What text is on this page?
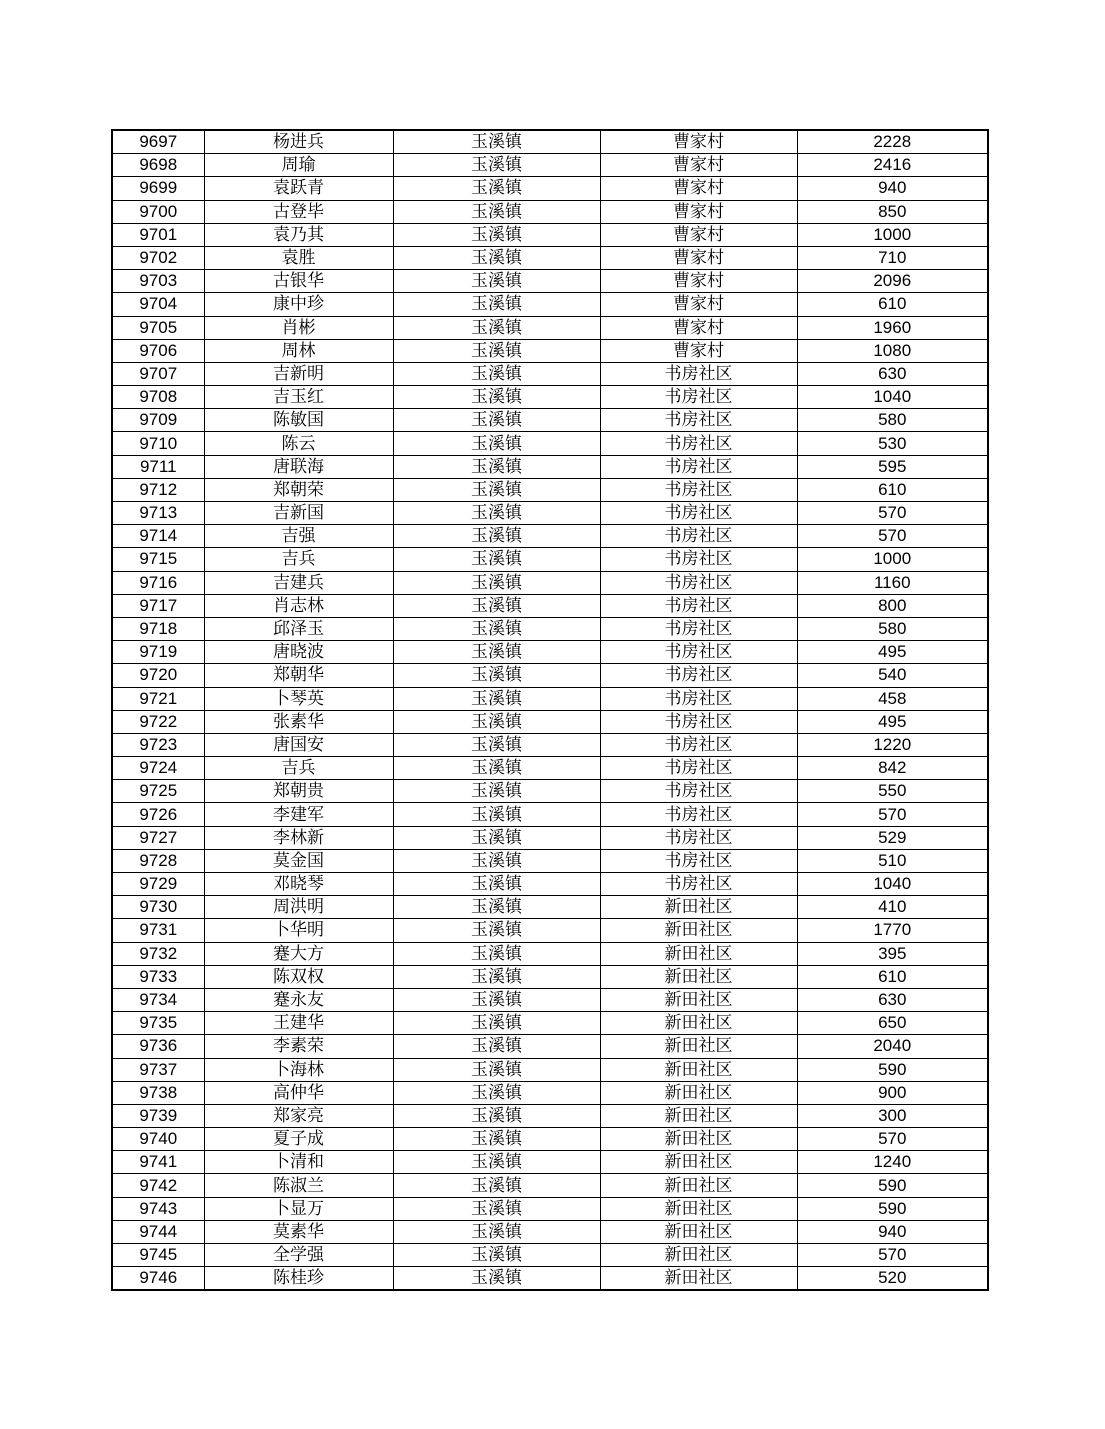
9697	杨进兵	玉溪镇	曹家村	2228
9698	周瑜	玉溪镇	曹家村	2416
9699	袁跃青	玉溪镇	曹家村	940
9700	古登毕	玉溪镇	曹家村	850
9701	袁乃其	玉溪镇	曹家村	1000
9702	袁胜	玉溪镇	曹家村	710
9703	古银华	玉溪镇	曹家村	2096
9704	康中珍	玉溪镇	曹家村	610
9705	肖彬	玉溪镇	曹家村	1960
9706	周林	玉溪镇	曹家村	1080
9707	吉新明	玉溪镇	书房社区	630
9708	吉玉红	玉溪镇	书房社区	1040
9709	陈敏国	玉溪镇	书房社区	580
9710	陈云	玉溪镇	书房社区	530
9711	唐联海	玉溪镇	书房社区	595
9712	郑朝荣	玉溪镇	书房社区	610
9713	吉新国	玉溪镇	书房社区	570
9714	吉强	玉溪镇	书房社区	570
9715	吉兵	玉溪镇	书房社区	1000
9716	吉建兵	玉溪镇	书房社区	1160
9717	肖志林	玉溪镇	书房社区	800
9718	邱泽玉	玉溪镇	书房社区	580
9719	唐晓波	玉溪镇	书房社区	495
9720	郑朝华	玉溪镇	书房社区	540
9721	卜琴英	玉溪镇	书房社区	458
9722	张素华	玉溪镇	书房社区	495
9723	唐国安	玉溪镇	书房社区	1220
9724	吉兵	玉溪镇	书房社区	842
9725	郑朝贵	玉溪镇	书房社区	550
9726	李建军	玉溪镇	书房社区	570
9727	李林新	玉溪镇	书房社区	529
9728	莫金国	玉溪镇	书房社区	510
9729	邓晓琴	玉溪镇	书房社区	1040
9730	周洪明	玉溪镇	新田社区	410
9731	卜华明	玉溪镇	新田社区	1770
9732	蹇大方	玉溪镇	新田社区	395
9733	陈双权	玉溪镇	新田社区	610
9734	蹇永友	玉溪镇	新田社区	630
9735	王建华	玉溪镇	新田社区	650
9736	李素荣	玉溪镇	新田社区	2040
9737	卜海林	玉溪镇	新田社区	590
9738	高仲华	玉溪镇	新田社区	900
9739	郑家亮	玉溪镇	新田社区	300
9740	夏子成	玉溪镇	新田社区	570
9741	卜清和	玉溪镇	新田社区	1240
9742	陈淑兰	玉溪镇	新田社区	590
9743	卜显万	玉溪镇	新田社区	590
9744	莫素华	玉溪镇	新田社区	940
9745	全学强	玉溪镇	新田社区	570
9746	陈桂珍	玉溪镇	新田社区	520
